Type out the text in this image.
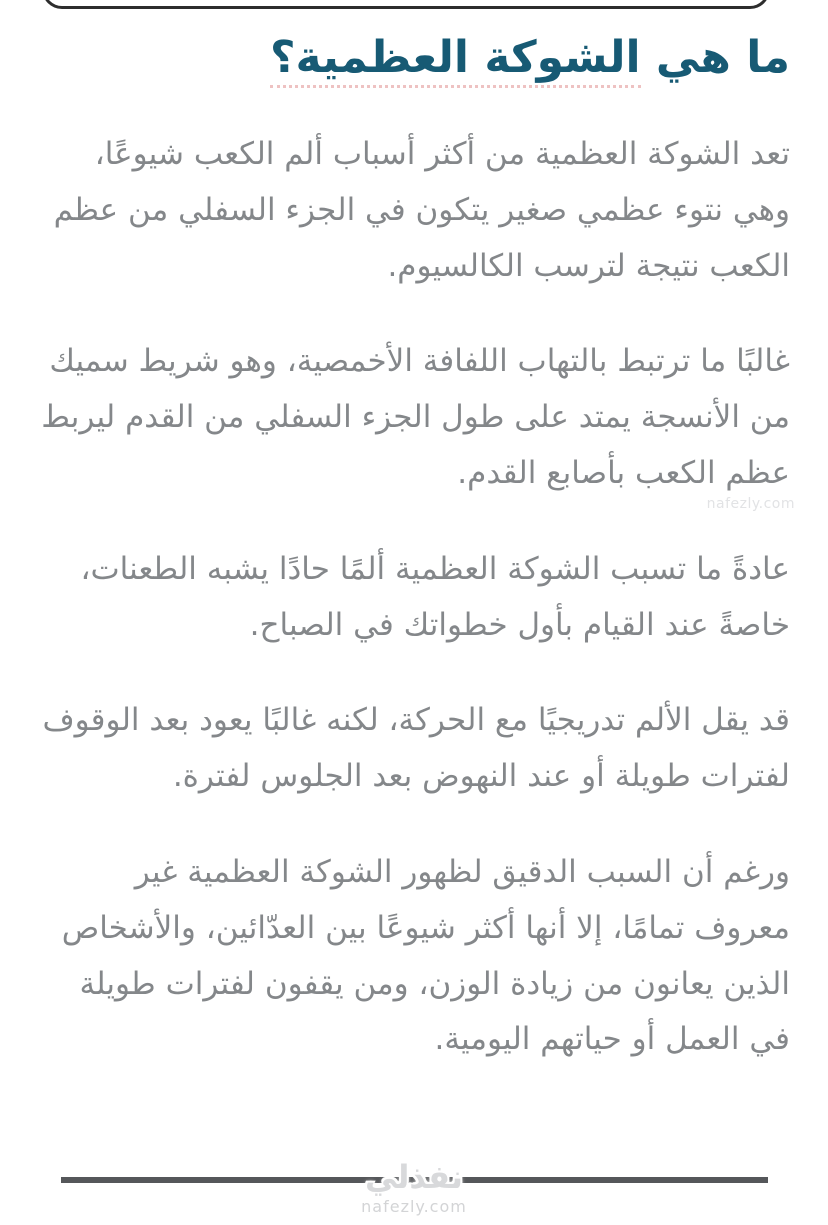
ما هي الشوكة العظمية؟

تعد الشوكة العظمية من أكثر أسباب ألم الكعب شيوعًا، وهي نتوء عظمي صغير يتكون في الجزء السفلي من عظم الكعب نتيجة لترسب الكالسيوم.

غالبًا ما ترتبط بالتهاب اللفافة الأخمصية، وهو شريط سميك من الأنسجة يمتد على طول الجزء السفلي من القدم ليربط عظم الكعب بأصابع القدم.

عادةً ما تسبب الشوكة العظمية ألمًا حادًا يشبه الطعنات، خاصةً عند القيام بأول خطواتك في الصباح.

قد يقل الألم تدريجيًا مع الحركة، لكنه غالبًا يعود بعد الوقوف لفترات طويلة أو عند النهوض بعد الجلوس لفترة.

ورغم أن السبب الدقيق لظهور الشوكة العظمية غير معروف تمامًا، إلا أنها أكثر شيوعًا بين العدّائين، والأشخاص الذين يعانون من زيادة الوزن، ومن يقفون لفترات طويلة في العمل أو حياتهم اليومية.

nafezly.com
نفذلي
nafezly.com
